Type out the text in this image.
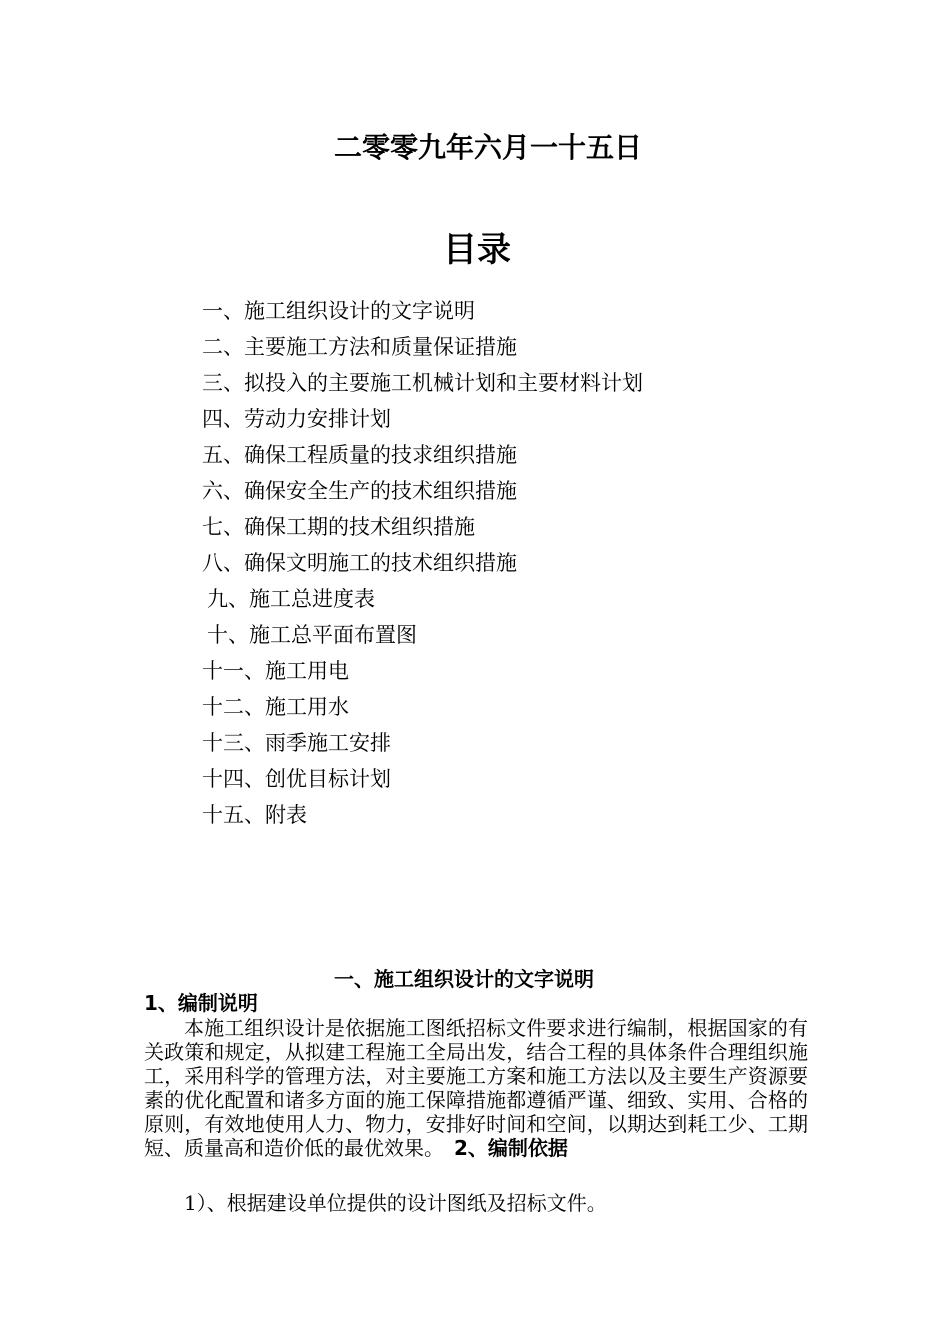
二零零九年六月一十五日
目录
一、施工组织设计的文字说明
二、主要施工方法和质量保证措施
三、拟投入的主要施工机械计划和主要材料计划
四、劳动力安排计划
五、确保工程质量的技求组织措施
六、确保安全生产的技术组织措施
七、确保工期的技术组织措施
八、确保文明施工的技术组织措施
九、施工总进度表
十、施工总平面布置图
十一、施工用电
十二、施工用水
十三、雨季施工安排
十四、创优目标计划
十五、附表
一、施工组织设计的文字说明
1、编制说明

本施工组织设计是依据施工图纸招标文件要求进行编制，根据国家的有关政策和规定，从拟建工程施工全局出发，结合工程的具体条件合理组织施工，采用科学的管理方法，对主要施工方案和施工方法以及主要生产资源要素的优化配置和诸多方面的施工保障措施都遵循严谨、细致、实用、合格的原则，有效地使用人力、物力，安排好时间和空间，以期达到耗工少、工期短、质量高和造价低的最优效果。　 2、编制依据

1）、根据建设单位提供的设计图纸及招标文件。
